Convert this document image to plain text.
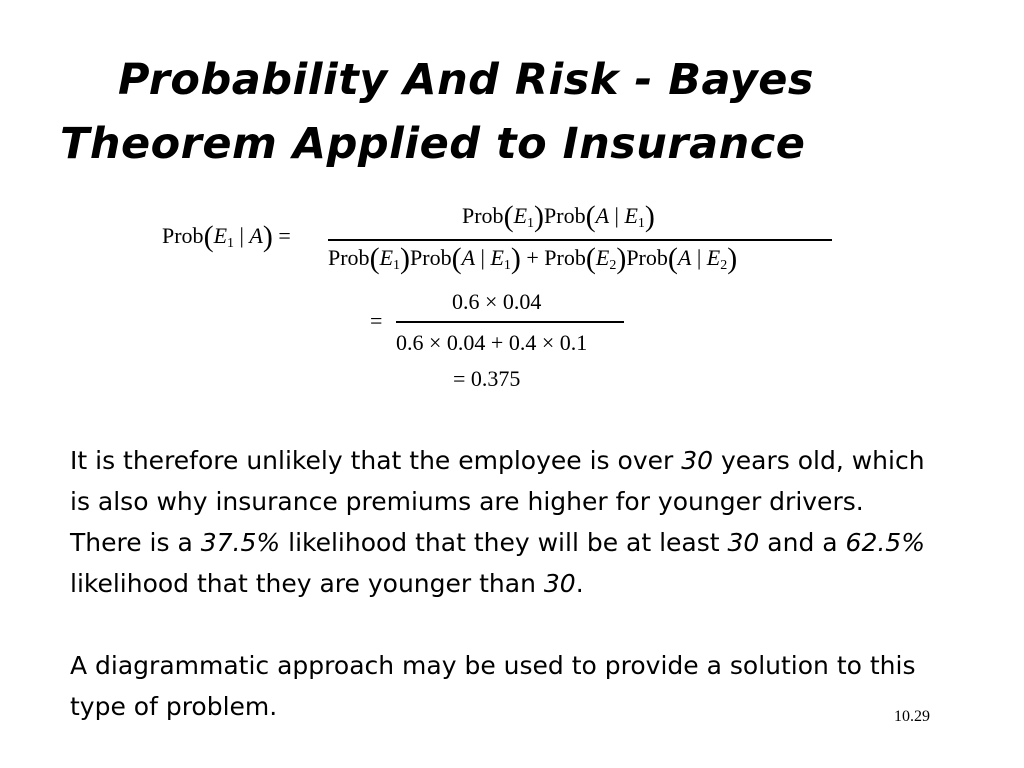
Probability And Risk - Bayes
Theorem Applied to Insurance
$Prob(E_1$ | A) =
$Prob(E_1)Prob(A$ | $E_1$)
$Prob(E_1)Prob(A$ | $E_1$) + $Prob(E_2)Prob(A$ | $E_2$)
=
0.6 × 0.04
0.6 × 0.04 + 0.4 × 0.1
= 0.375

It is therefore unlikely that the employee is over 30 years old, which is also why insurance premiums are higher for younger drivers. There is a 37.5% likelihood that they will be at least 30 and a 62.5% likelihood that they are younger than 30.

A diagrammatic approach may be used to provide a solution to this type of problem.	10.29
